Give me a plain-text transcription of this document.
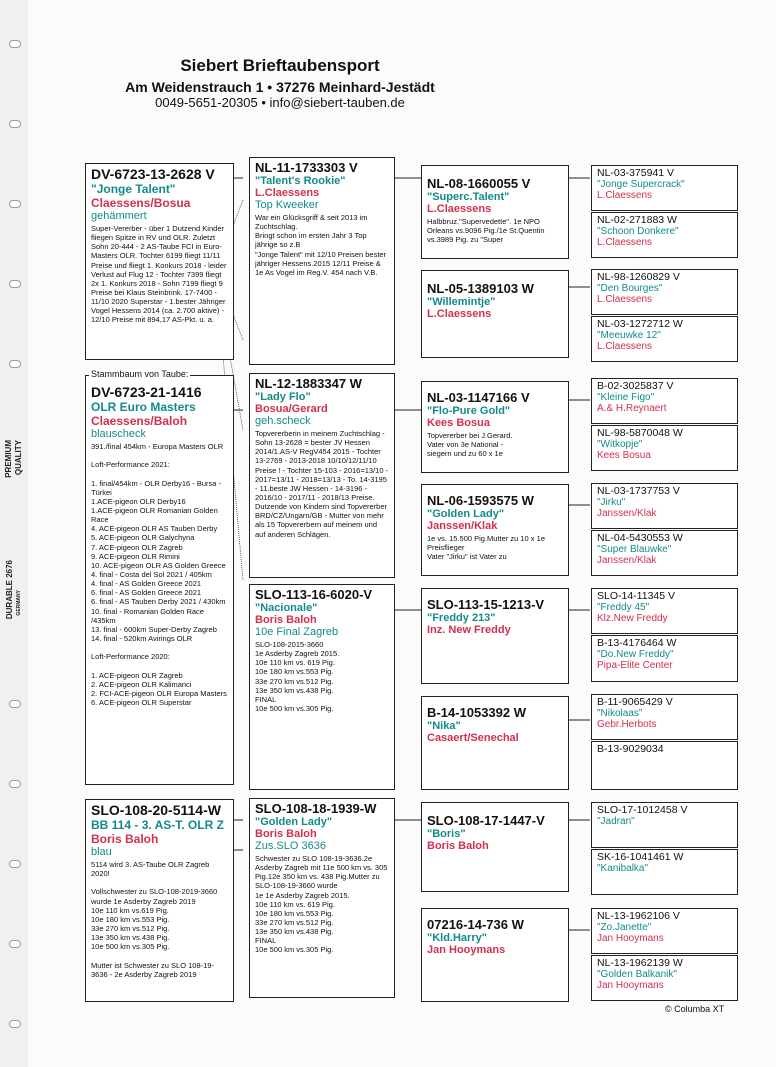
PREMIUM QUALITY
DURABLE 2676 GERMANY
Siebert Brieftaubensport
Am Weidenstrauch 1 • 37276 Meinhard-Jestädt
0049-5651-20305 • info@siebert-tauben.de
DV-6723-13-2628 V
"Jonge Talent"
Claessens/Bosua
gehämmert
Super-Vererber - über 1 Dutzend Kinder fliegen Spitze in RV und OLR. Zuletzt Sohn 20-444 - 2 AS-Taube FCI in Euro-Masters OLR. Tochter 6199 fliegt 11/11 Preise und fliegt 1. Konkurs 2018 - leider Verlust auf Flug 12 - Tochter 7399 fliegt 2x 1. Konkurs 2018 - Sohn 7199 fliegt 9 Preise bei Klaus Steinbrink. 17-7400 - 11/10 2020 Superstar - 1.bester Jähriger Vogel Hessens 2014 (ca. 2.700 aktive) - 12/10 Preise mit 894,17 AS-Pkt. u. a.
DV-6723-21-1416
OLR Euro Masters
Claessens/Baloh
blauscheck
391./final 454km - Europa Masters OLR

Loft-Performance 2021:

1. final/454km - OLR Derby16 - Bursa - Türkei
1.ACE-pigeon OLR Derby16
1.ACE-pigeon OLR Romanian Golden Race
4. ACE-pigeon OLR AS Tauben Derby
5. ACE-pigeon OLR Galychyna
7. ACE-pigeon OLR Zagreb
9. ACE-pigeon OLR Rimini
10. ACE-pigeon OLR AS Golden Greece
4. final - Costa del Sol 2021 / 405km
4. final - AS Golden Greece 2021
6. final - AS Golden Greece 2021
6. final - AS Tauben Derby 2021 / 430km
10. final - Romanian Golden Race /435km
13. final - 600km Super-Derby Zagreb
14. final - 520km Avirings OLR

Loft-Performance 2020:

1. ACE-pigeon OLR Zagreb
2. ACE-pigeon OLR Kalimanci
2. FCI-ACE-pigeon OLR Europa Masters
6. ACE-pigeon OLR Superstar
Stammbaum von Taube:
SLO-108-20-5114-W
BB 114 - 3. AS-T. OLR Z
Boris Baloh
blau
5114 wird 3. AS-Taube OLR Zagreb 2020!

Vollschwester zu SLO-108-2019-3660 wurde 1e Asderby Zagreb 2019
10e 110 km vs.619 Pig.
10e 180 km vs.553 Pig.
33e 270 km vs.512 Pig.
13e 350 km vs.438 Pig.
10e 500 km vs.305 Pig.

Mutter ist Schwester zu SLO 108-19-3636 - 2e Asderby Zagreb 2019
NL-11-1733303 V
"Talent's Rookie"
L.Claessens
Top Kweeker
War ein Glücksgriff & seit 2013 im Zuchtschlag.
Bringt schon im ersten Jahr 3 Top jährige so z.B
"Jonge Talent" mit 12/10 Preisen bester jähriger Hessens.2015 12/11 Preise & 1e As Vogel im Reg.V. 454 nach V.B.
NL-12-1883347 W
"Lady Flo"
Bosua/Gerard
geh.scheck
Topvererberin in meinem Zuchtschlag - Sohn 13-2628 = bester JV Hessen 2014/1.AS-V RegV454 2015 - Tochter 13-2769 - 2013-2018 10/10/12/11/10 Preise ! - Tochter 15-103 - 2016=13/10 - 2017=13/11 - 2018=13/13 - To. 14-3195 - 11.beste JW Hessen - 14-3196 - 2016/10 - 2017/11 - 2018/13 Preise. Dutzende von Kindern sind Topvererber BRD/CZ/Ungarn/GB - Mutter von mehr als 15 Topvererbern auf meinem und auf anderen Schlägen.
SLO-113-16-6020-V
"Nacionale"
Boris Baloh
10e Final Zagreb
SLO-108-2015-3660
1e Asderby Zagreb 2015.
10e 110 km vs. 619 Pig.
10e 180 km vs.553 Pig.
33e 270 km vs.512 Pig.
13e 350 km vs.438 Pig.
FINAL
10e 500 km vs.305 Pig.
SLO-108-18-1939-W
"Golden Lady"
Boris Baloh
Zus.SLO 3636
Schwester zu SLO 108-19-3636.2e Asderby Zagreb mit 11e 500 km vs. 305 Pig.12e 350 km vs. 438 Pig.Mutter zu
SLO-108-19-3660 wurde
1e 1e Asderby Zagreb 2015.
10e 110 km vs. 619 Pig.
10e 180 km vs.553 Pig.
33e 270 km vs.512 Pig.
13e 350 km vs.438 Pig.
FINAL
10e 500 km vs.305 Pig.
NL-08-1660055 V
"Superc.Talent"
L.Claessens
Halbbruz."Supervedette". 1e NPO Orleans vs.9096 Pig./1e St.Quentin vs.3989 Pig. zu "Super
NL-05-1389103 W
"Willemintje"
L.Claessens
NL-03-1147166 V
"Flo-Pure Gold"
Kees Bosua
Topvererber bei J.Gerard.
Vater von 3e National -
siegern und zu 60 x 1e
NL-06-1593575 W
"Golden Lady"
Janssen/Klak
1e vs. 15.500 Pig.Mutter zu 10 x 1e Preisflieger
Vater "Jirku" ist Vater zu
SLO-113-15-1213-V
"Freddy 213"
Inz. New Freddy
B-14-1053392 W
"Nika"
Casaert/Senechal
SLO-108-17-1447-V
"Boris"
Boris Baloh
07216-14-736 W
"Kld.Harry"
Jan Hooymans
NL-03-375941 V
"Jonge Supercrack"
L.Claessens
NL-02-271883 W
"Schoon Donkere"
L.Claessens
NL-98-1260829 V
"Den Bourges"
L.Claessens
NL-03-1272712 W
"Meeuwke 12"
L.Claessens
B-02-3025837 V
"Kleine Figo"
A.& H.Reynaert
NL-98-5870048 W
"Witkopje"
Kees Bosua
NL-03-1737753 V
"Jirku"
Janssen/Klak
NL-04-5430553 W
"Super Blauwke"
Janssen/Klak
SLO-14-11345 V
"Freddy 45"
Klz.New Freddy
B-13-4176464 W
"Do.New Freddy"
Pipa-Elite Center
B-11-9065429 V
"Nikolaas"
Gebr.Herbots
B-13-9029034
SLO-17-1012458 V
"Jadran"
SK-16-1041461 W
"Kanibalka"
NL-13-1962106 V
"Zo.Janette"
Jan Hooymans
NL-13-1962139 W
"Golden Balkanik"
Jan Hooymans
© Columba XT
